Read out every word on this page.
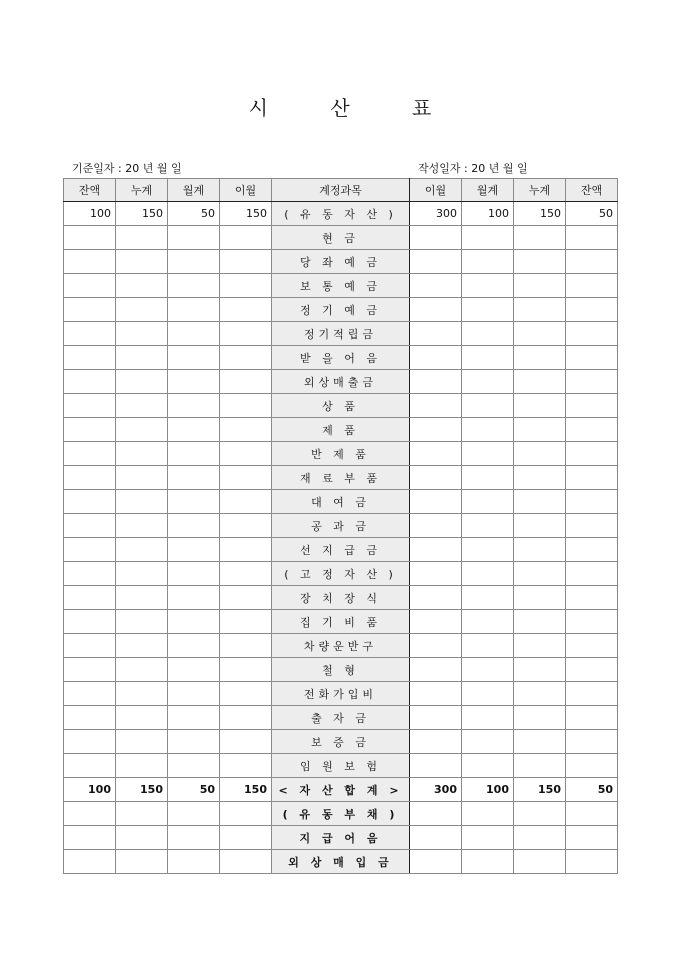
시 산 표
기준일자 : 20 년 월 일	작성일자 : 20 년 월 일
잔액	누계	월계	이월	계정과목	이월	월계	누계	잔액
100	150	50	150	( 유 동 자 산 )	300	100	150	50
				현 금				
				당 좌 예 금				
				보 통 예 금				
				정 기 예 금				
				정기적립금				
				받 을 어 음				
				외상매출금				
				상 품				
				제 품				
				반 제 품				
				재 료 부 품				
				대 여 금				
				공 과 금				
				선 지 급 금				
				( 고 정 자 산 )				
				장 치 장 식				
				집 기 비 품				
				차량운반구				
				철 형				
				전화가입비				
				출 자 금				
				보 증 금				
				임 원 보 험				
100	150	50	150	< 자 산 합 계 >	300	100	150	50
				( 유 동 부 채 )				
				지 급 어 음				
				외 상 매 입 금				
